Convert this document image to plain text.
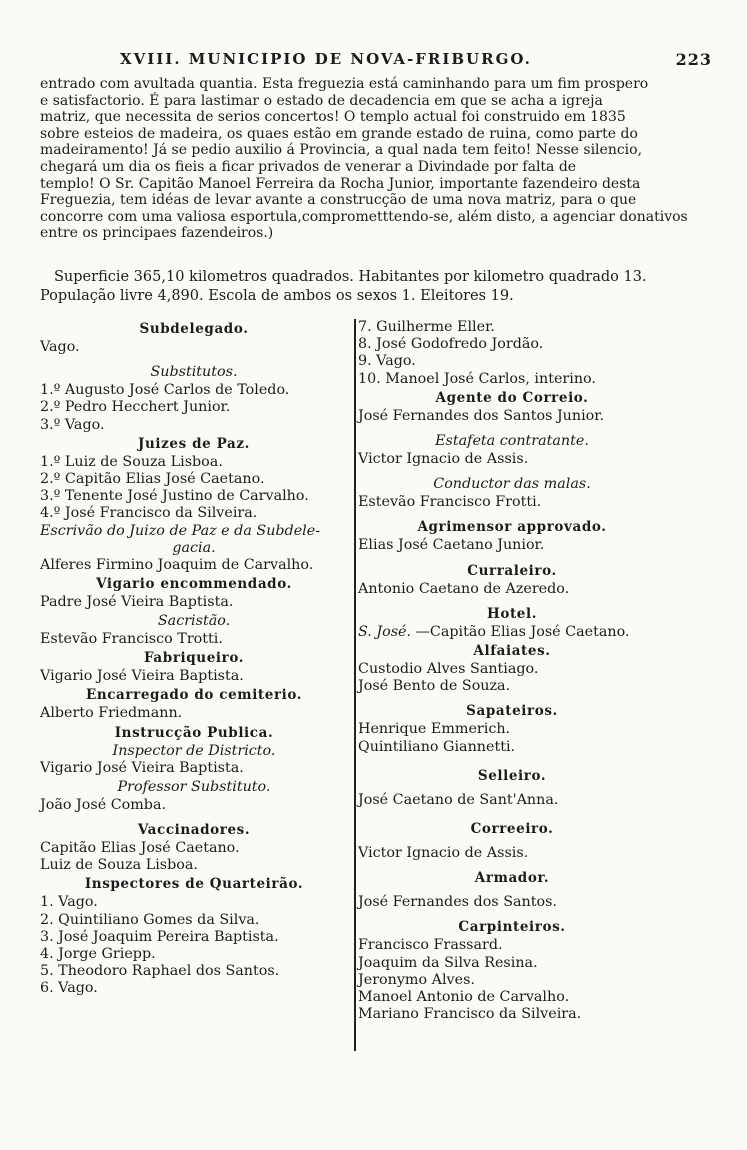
XVIII. MUNICIPIO DE NOVA-FRIBURGO.	223

entrado com avultada quantia. Esta freguezia está caminhando para um fim prospero

e satisfactorio. É para lastimar o estado de decadencia em que se acha a igreja

matriz, que necessita de serios concertos! O templo actual foi construido em 1835

sobre esteios de madeira, os quaes estão em grande estado de ruina, como parte do

madeiramento! Já se pedio auxilio á Provincia, a qual nada tem feito! Nesse silencio,

chegará um dia os fieis a ficar privados de venerar a Divindade por falta de

templo! O Sr. Capitão Manoel Ferreira da Rocha Junior, importante fazendeiro desta

Freguezia, tem idéas de levar avante a construcção de uma nova matriz, para o que

concorre com uma valiosa esportula,comprometttendo-se, além disto, a agenciar donativos

entre os principaes fazendeiros.)

Superficie 365,10 kilometros quadrados. Habitantes por kilometro quadrado 13.

População livre 4,890. Escola de ambos os sexos 1. Eleitores 19.

Subdelegado.
Vago.
Substitutos.
1.º Augusto José Carlos de Toledo.
2.º Pedro Hecchert Junior.
3.º Vago.
Juizes de Paz.
1.º Luiz de Souza Lisboa.
2.º Capitão Elias José Caetano.
3.º Tenente José Justino de Carvalho.
4.º José Francisco da Silveira.
Escrivão do Juizo de Paz e da Subdele-
gacia.
Alferes Firmino Joaquim de Carvalho.
Vigario encommendado.
Padre José Vieira Baptista.
Sacristão.
Estevão Francisco Trotti.
Fabriqueiro.
Vigario José Vieira Baptista.
Encarregado do cemiterio.
Alberto Friedmann.
Instrucção Publica.
Inspector de Districto.
Vigario José Vieira Baptista.
Professor Substituto.
João José Comba.
Vaccinadores.
Capitão Elias José Caetano.
Luiz de Souza Lisboa.
Inspectores de Quarteirão.
1. Vago.
2. Quintiliano Gomes da Silva.
3. José Joaquim Pereira Baptista.
4. Jorge Griepp.
5. Theodoro Raphael dos Santos.
6. Vago.
7. Guilherme Eller.
8. José Godofredo Jordão.
9. Vago.
10. Manoel José Carlos, interino.
Agente do Correio.
José Fernandes dos Santos Junior.
Estafeta contratante.
Victor Ignacio de Assis.
Conductor das malas.
Estevão Francisco Frotti.
Agrimensor approvado.
Elias José Caetano Junior.
Curraleiro.
Antonio Caetano de Azeredo.
Hotel.
S. José. —Capitão Elias José Caetano.
Alfaiates.
Custodio Alves Santiago.
José Bento de Souza.
Sapateiros.
Henrique Emmerich.
Quintiliano Giannetti.
Selleiro.
José Caetano de Sant'Anna.
Correeiro.
Victor Ignacio de Assis.
Armador.
José Fernandes dos Santos.
Carpinteiros.
Francisco Frassard.
Joaquim da Silva Resina.
Jeronymo Alves.
Manoel Antonio de Carvalho.
Mariano Francisco da Silveira.
